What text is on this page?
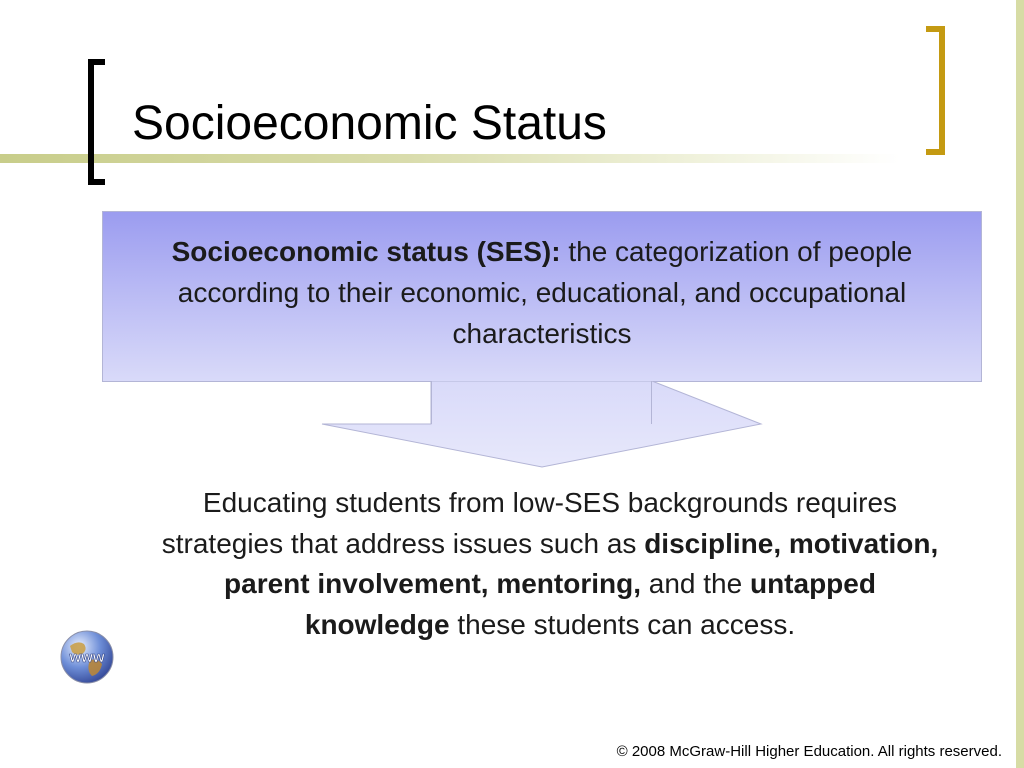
Socioeconomic Status
Socioeconomic status (SES): the categorization of people according to their economic, educational, and occupational characteristics
Educating students from low-SES backgrounds requires strategies that address issues such as discipline, motivation, parent involvement, mentoring, and the untapped knowledge these students can access.
www
© 2008 McGraw-Hill Higher Education. All rights reserved.
